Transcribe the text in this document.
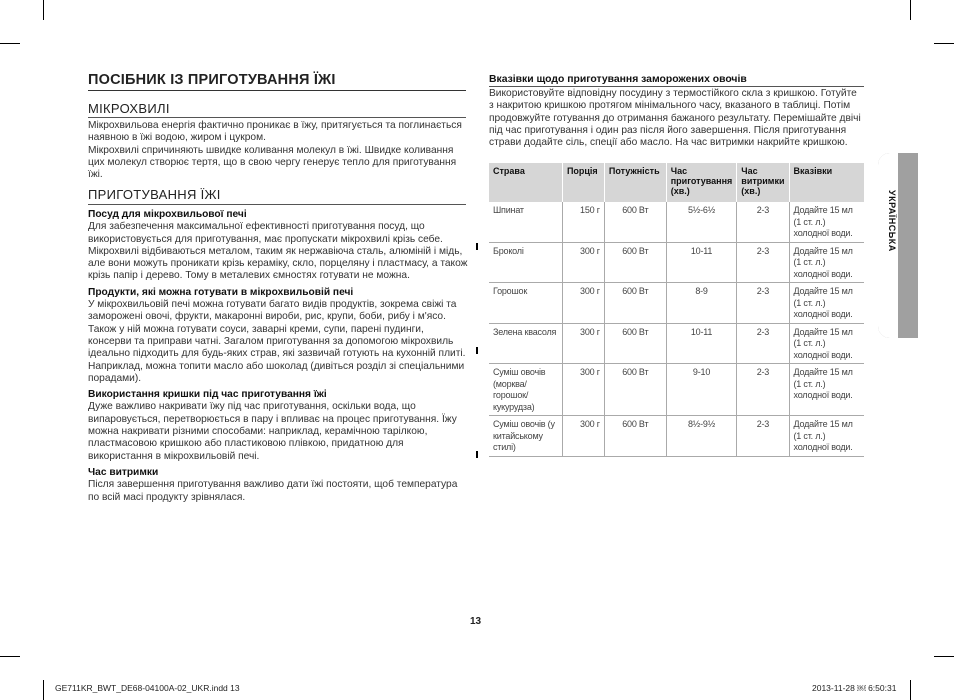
ПОСІБНИК ІЗ ПРИГОТУВАННЯ ЇЖІ
МІКРОХВИЛІ

Мікрохвильова енергія фактично проникає в їжу, притягується та поглинається наявною в їжі водою, жиром і цукром.

Мікрохвилі спричиняють швидке коливання молекул в їжі. Швидке коливання цих молекул створює тертя, що в свою чергу генерує тепло для приготування їжі.

ПРИГОТУВАННЯ ЇЖІ

Посуд для мікрохвильової печі

Для забезпечення максимальної ефективності приготування посуд, що використовується для приготування, має пропускати мікрохвилі крізь себе. Мікрохвилі відбиваються металом, таким як нержавіюча сталь, алюміній і мідь, але вони можуть проникати крізь кераміку, скло, порцеляну і пластмасу, а також крізь папір і дерево. Тому в металевих ємностях готувати не можна.

Продукти, які можна готувати в мікрохвильовій печі

У мікрохвильовій печі можна готувати багато видів продуктів, зокрема свіжі та заморожені овочі, фрукти, макаронні вироби, рис, крупи, боби, рибу і м'ясо. Також у ній можна готувати соуси, заварні креми, супи, парені пудинги, консерви та приправи чатні. Загалом приготування за допомогою мікрохвиль ідеально підходить для будь-яких страв, які зазвичай готують на кухонній плиті. Наприклад, можна топити масло або шоколад (дивіться розділ зі спеціальними порадами).

Використання кришки під час приготування їжі

Дуже важливо накривати їжу під час приготування, оскільки вода, що випаровується, перетворюється в пару і впливає на процес приготування. Їжу можна накривати різними способами: наприклад, керамічною тарілкою, пластмасовою кришкою або пластиковою плівкою, придатною для використання в мікрохвильовій печі.

Час витримки

Після завершення приготування важливо дати їжі постояти, щоб температура по всій масі продукту зрівнялася.

Вказівки щодо приготування заморожених овочів
Використовуйте відповідну посудину з термостійкого скла з кришкою. Готуйте з накритою кришкою протягом мінімального часу, вказаного в таблиці. Потім продовжуйте готування до отримання бажаного результату. Перемішайте двічі під час приготування і один раз після його завершення. Після приготування страви додайте сіль, спеції або масло. На час витримки накрийте кришкою.
Страва	Порція	Потужність	Час приготування (хв.)	Час витримки (хв.)	Вказівки
Шпинат	150 г	600 Вт	5½-6½	2-3	Додайте 15 мл (1 ст. л.) холодної води.
Броколі	300 г	600 Вт	10-11	2-3	Додайте 15 мл (1 ст. л.) холодної води.
Горошок	300 г	600 Вт	8-9	2-3	Додайте 15 мл (1 ст. л.) холодної води.
Зелена квасоля	300 г	600 Вт	10-11	2-3	Додайте 15 мл (1 ст. л.) холодної води.
Суміш овочів (морква/ горошок/ кукурудза)	300 г	600 Вт	9-10	2-3	Додайте 15 мл (1 ст. л.) холодної води.
Суміш овочів (у китайському стилі)	300 г	600 Вт	8½-9½	2-3	Додайте 15 мл (1 ст. л.) холодної води.
УКРАЇНСЬКА
13
GE711KR_BWT_DE68-04100A-02_UKR.indd 13	2013-11-28 ￼ 6:50:31
